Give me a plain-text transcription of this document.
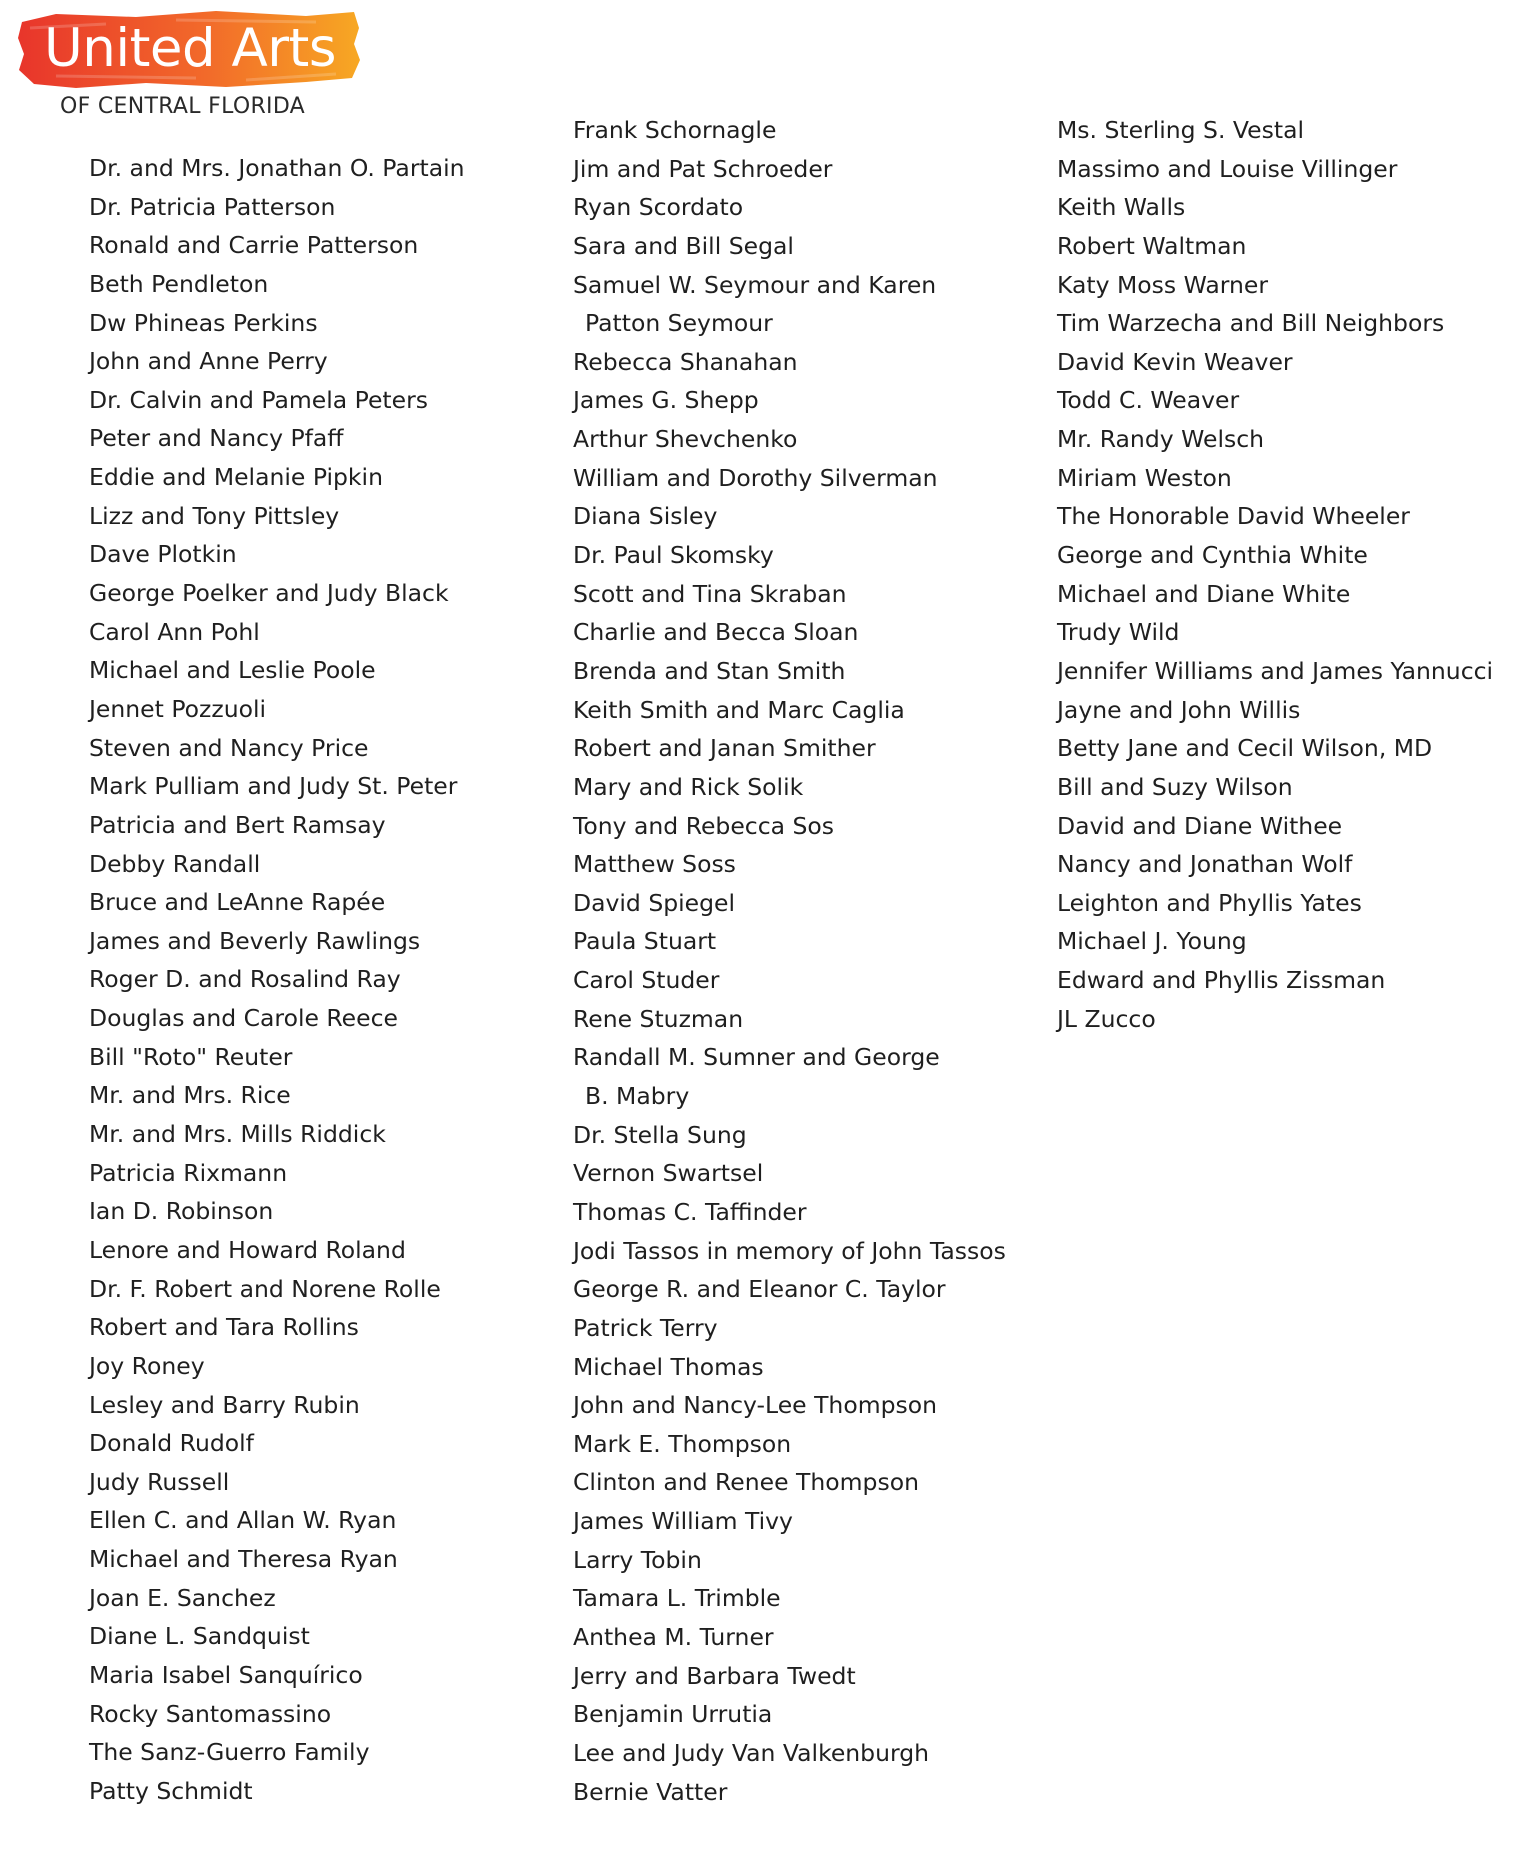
United Arts
OF CENTRAL FLORIDA
Dr. and Mrs. Jonathan O. Partain
Dr. Patricia Patterson
Ronald and Carrie Patterson
Beth Pendleton
Dw Phineas Perkins
John and Anne Perry
Dr. Calvin and Pamela Peters
Peter and Nancy Pfaff
Eddie and Melanie Pipkin
Lizz and Tony Pittsley
Dave Plotkin
George Poelker and Judy Black
Carol Ann Pohl
Michael and Leslie Poole
Jennet Pozzuoli
Steven and Nancy Price
Mark Pulliam and Judy St. Peter
Patricia and Bert Ramsay
Debby Randall
Bruce and LeAnne Rapée
James and Beverly Rawlings
Roger D. and Rosalind Ray
Douglas and Carole Reece
Bill "Roto" Reuter
Mr. and Mrs. Rice
Mr. and Mrs. Mills Riddick
Patricia Rixmann
Ian D. Robinson
Lenore and Howard Roland
Dr. F. Robert and Norene Rolle
Robert and Tara Rollins
Joy Roney
Lesley and Barry Rubin
Donald Rudolf
Judy Russell
Ellen C. and Allan W. Ryan
Michael and Theresa Ryan
Joan E. Sanchez
Diane L. Sandquist
Maria Isabel Sanquírico
Rocky Santomassino
The Sanz-Guerro Family
Patty Schmidt
Frank Schornagle
Jim and Pat Schroeder
Ryan Scordato
Sara and Bill Segal
Samuel W. Seymour and Karen
Patton Seymour
Rebecca Shanahan
James G. Shepp
Arthur Shevchenko
William and Dorothy Silverman
Diana Sisley
Dr. Paul Skomsky
Scott and Tina Skraban
Charlie and Becca Sloan
Brenda and Stan Smith
Keith Smith and Marc Caglia
Robert and Janan Smither
Mary and Rick Solik
Tony and Rebecca Sos
Matthew Soss
David Spiegel
Paula Stuart
Carol Studer
Rene Stuzman
Randall M. Sumner and George
B. Mabry
Dr. Stella Sung
Vernon Swartsel
Thomas C. Taffinder
Jodi Tassos in memory of John Tassos
George R. and Eleanor C. Taylor
Patrick Terry
Michael Thomas
John and Nancy-Lee Thompson
Mark E. Thompson
Clinton and Renee Thompson
James William Tivy
Larry Tobin
Tamara L. Trimble
Anthea M. Turner
Jerry and Barbara Twedt
Benjamin Urrutia
Lee and Judy Van Valkenburgh
Bernie Vatter
Ms. Sterling S. Vestal
Massimo and Louise Villinger
Keith Walls
Robert Waltman
Katy Moss Warner
Tim Warzecha and Bill Neighbors
David Kevin Weaver
Todd C. Weaver
Mr. Randy Welsch
Miriam Weston
The Honorable David Wheeler
George and Cynthia White
Michael and Diane White
Trudy Wild
Jennifer Williams and James Yannucci
Jayne and John Willis
Betty Jane and Cecil Wilson, MD
Bill and Suzy Wilson
David and Diane Withee
Nancy and Jonathan Wolf
Leighton and Phyllis Yates
Michael J. Young
Edward and Phyllis Zissman
JL Zucco
